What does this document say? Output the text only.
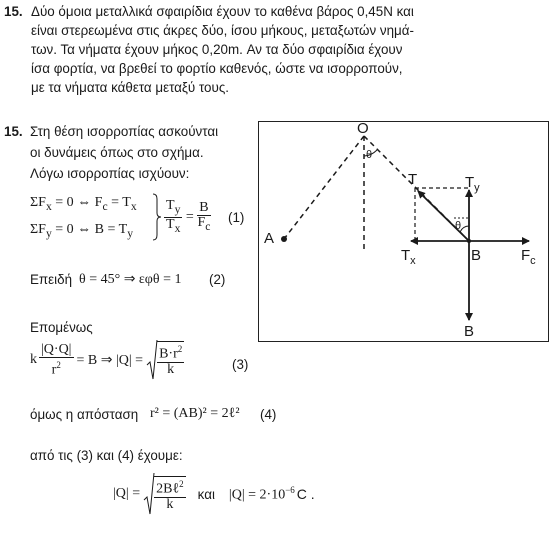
15. Δύο όμοια μεταλλικά σφαιρίδια έχουν το καθένα βάρος 0,45Ν και
είναι στερεωμένα στις άκρες δύο, ίσου μήκους, μεταξωτών νημά-
των. Τα νήματα έχουν μήκος 0,20m. Αν τα δύο σφαιρίδια έχουν
ίσα φορτία, να βρεθεί το φορτίο καθενός, ώστε να ισορροπούν,
με τα νήματα κάθετα μεταξύ τους.
15. Στη θέση ισορροπίας ασκούνται
οι δυνάμεις όπως στο σχήμα.
Λόγω ισορροπίας ισχύουν:
$\Sigma F_x = 0$ ⇔ $F_c = T_x$
$\Sigma F_y = 0$ ⇔ $B = T_y \frac{T_y}{T_x} = \frac{B}{F_c} (1)$
Επειδή θ = 45° ⇒ εφθ = 1 (2)
Επομένως
k $\frac{|Q\cdot Q|}{r^2} = B$ ⇒ $|Q| = \frac{B\cdot r^2}{k}$	(3)
όμως η απόσταση r² = (AB)² = 2ℓ² (4)
από τις (3) και (4) έχουμε:
$|Q| = \frac{2B\ell^2}{k}$ και $|Q| = 2\cdot 10^{-6}$ C .
O
θ
T	$T_y$
θ
A
$T_x$	B	$F_c$
B
